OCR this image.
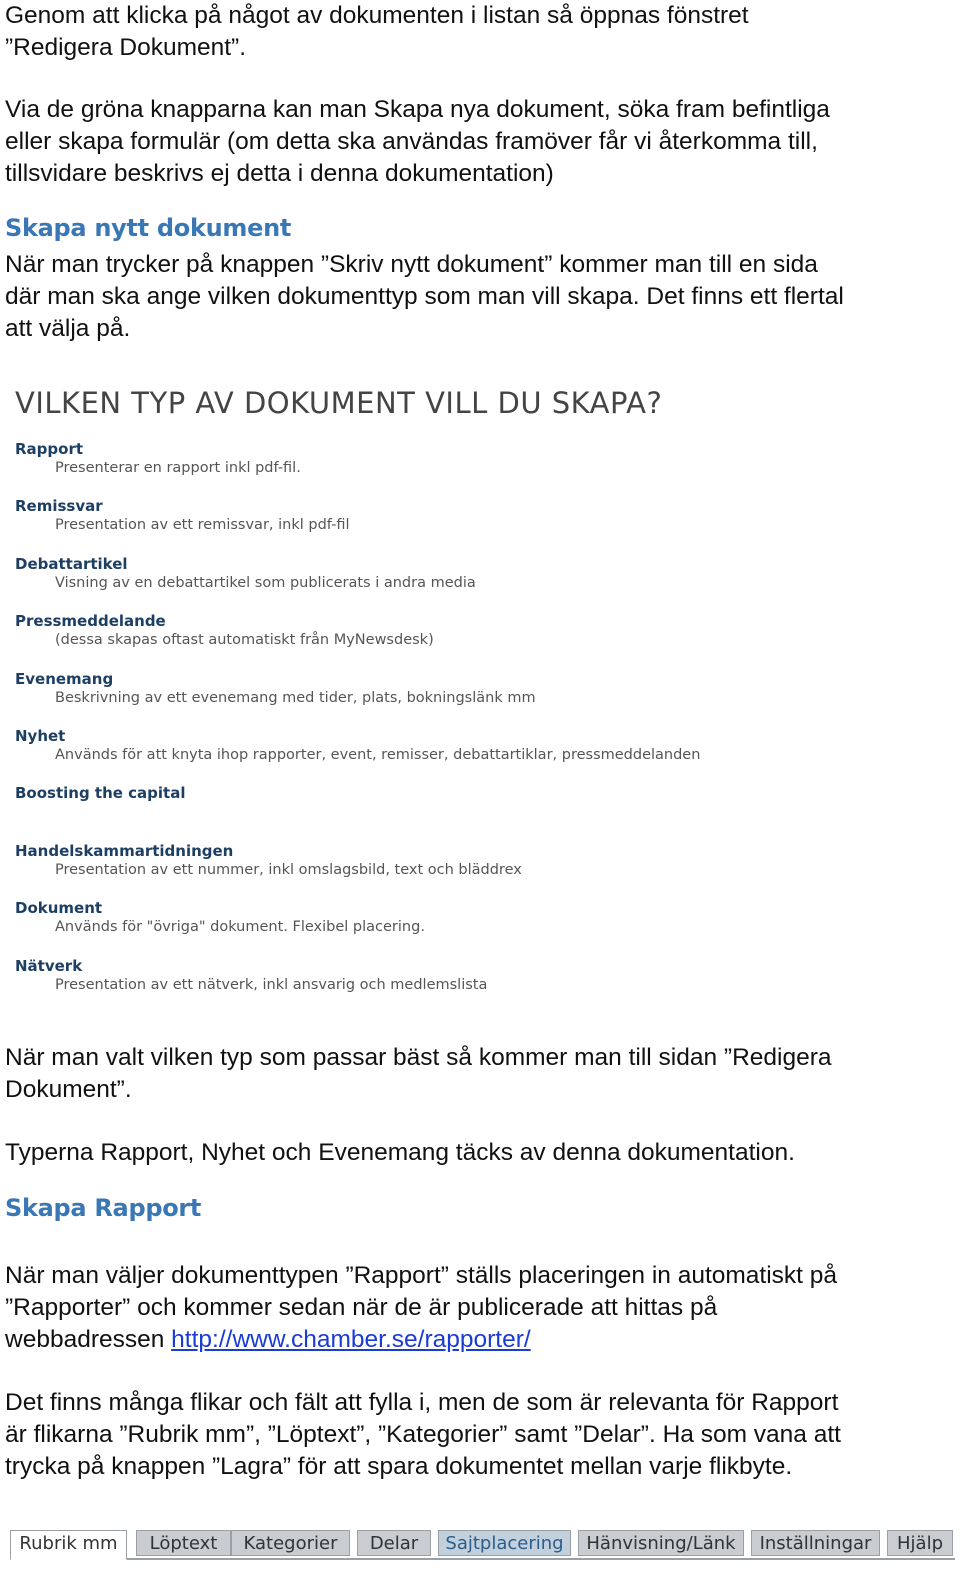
Genom att klicka på något av dokumenten i listan så öppnas fönstret
”Redigera Dokument”.

Via de gröna knapparna kan man Skapa nya dokument, söka fram befintliga
eller skapa formulär (om detta ska användas framöver får vi återkomma till,
tillsvidare beskrivs ej detta i denna dokumentation)

Skapa nytt dokument

När man trycker på knappen ”Skriv nytt dokument” kommer man till en sida
där man ska ange vilken dokumenttyp som man vill skapa. Det finns ett flertal
att välja på.

VILKEN TYP AV DOKUMENT VILL DU SKAPA?
Rapport
Presenterar en rapport inkl pdf-fil.
Remissvar
Presentation av ett remissvar, inkl pdf-fil
Debattartikel
Visning av en debattartikel som publicerats i andra media
Pressmeddelande
(dessa skapas oftast automatiskt från MyNewsdesk)
Evenemang
Beskrivning av ett evenemang med tider, plats, bokningslänk mm
Nyhet
Används för att knyta ihop rapporter, event, remisser, debattartiklar, pressmeddelanden
Boosting the capital
Handelskammartidningen
Presentation av ett nummer, inkl omslagsbild, text och bläddrex
Dokument
Används för "övriga" dokument. Flexibel placering.
Nätverk
Presentation av ett nätverk, inkl ansvarig och medlemslista

När man valt vilken typ som passar bäst så kommer man till sidan ”Redigera
Dokument”.

Typerna Rapport, Nyhet och Evenemang täcks av denna dokumentation.

Skapa Rapport

När man väljer dokumenttypen ”Rapport” ställs placeringen in automatiskt på
”Rapporter” och kommer sedan när de är publicerade att hittas på
webbadressen http://www.chamber.se/rapporter/

Det finns många flikar och fält att fylla i, men de som är relevanta för Rapport
är flikarna ”Rubrik mm”, ”Löptext”, ”Kategorier” samt ”Delar”. Ha som vana att
trycka på knappen ”Lagra” för att spara dokumentet mellan varje flikbyte.

Rubrik mm	Löptext	Kategorier	Delar	Sajtplacering	Hänvisning/Länk	Inställningar	Hjälp
